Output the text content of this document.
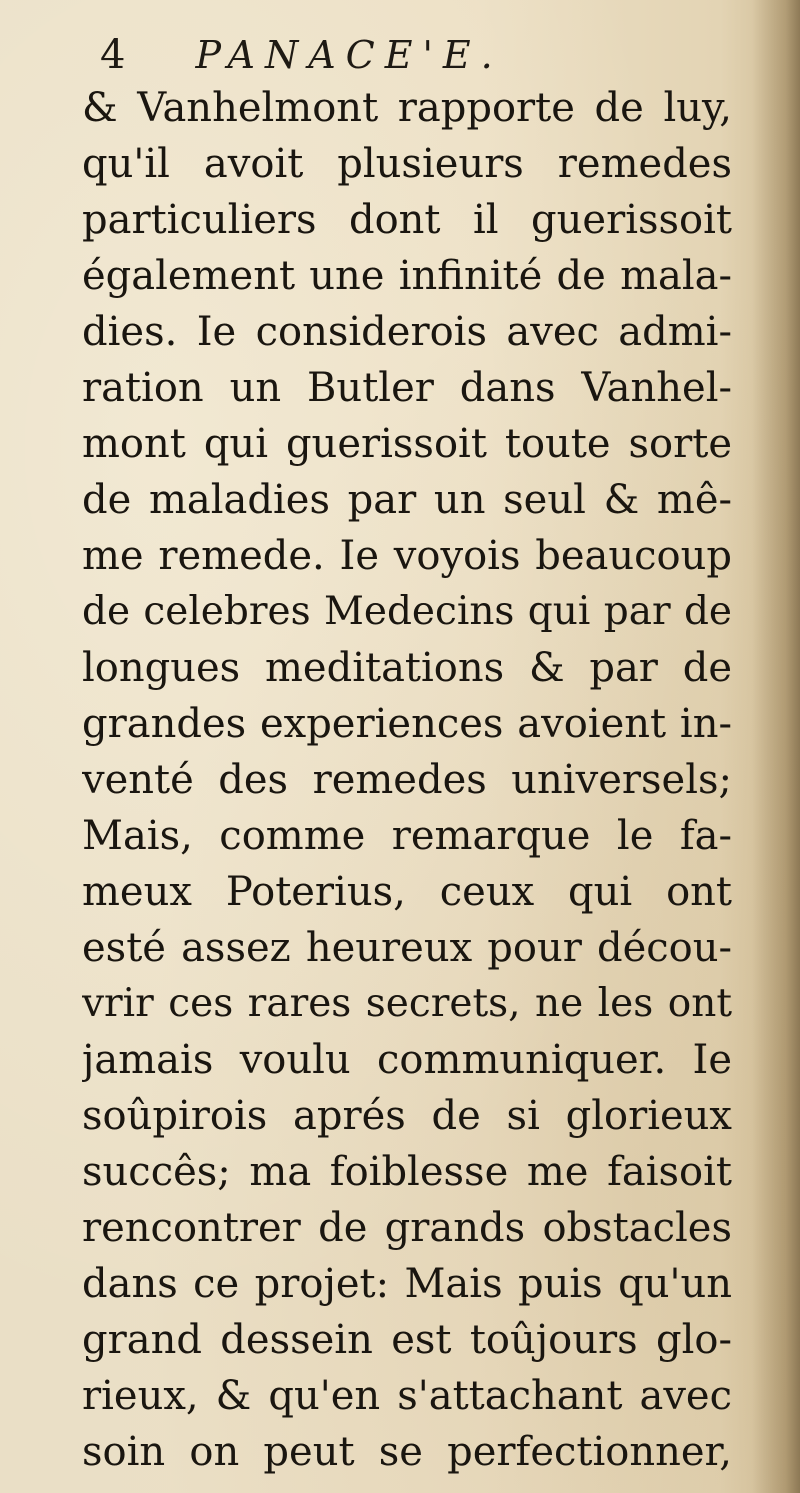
4 PANACE'E.
& Vanhelmont rapporte de luy,
qu'il avoit plusieurs remedes
particuliers dont il guerissoit
également une infinité de mala-
dies. Ie considerois avec admi-
ration un Butler dans Vanhel-
mont qui guerissoit toute sorte
de maladies par un seul & mê-
me remede. Ie voyois beaucoup
de celebres Medecins qui par de
longues meditations & par de
grandes experiences avoient in-
venté des remedes universels;
Mais, comme remarque le fa-
meux Poterius, ceux qui ont
esté assez heureux pour décou-
vrir ces rares secrets, ne les ont
jamais voulu communiquer. Ie
soûpirois aprés de si glorieux
succês; ma foiblesse me faisoit
rencontrer de grands obstacles
dans ce projet: Mais puis qu'un
grand dessein est toûjours glo-
rieux, & qu'en s'attachant avec
soin on peut se perfectionner,
